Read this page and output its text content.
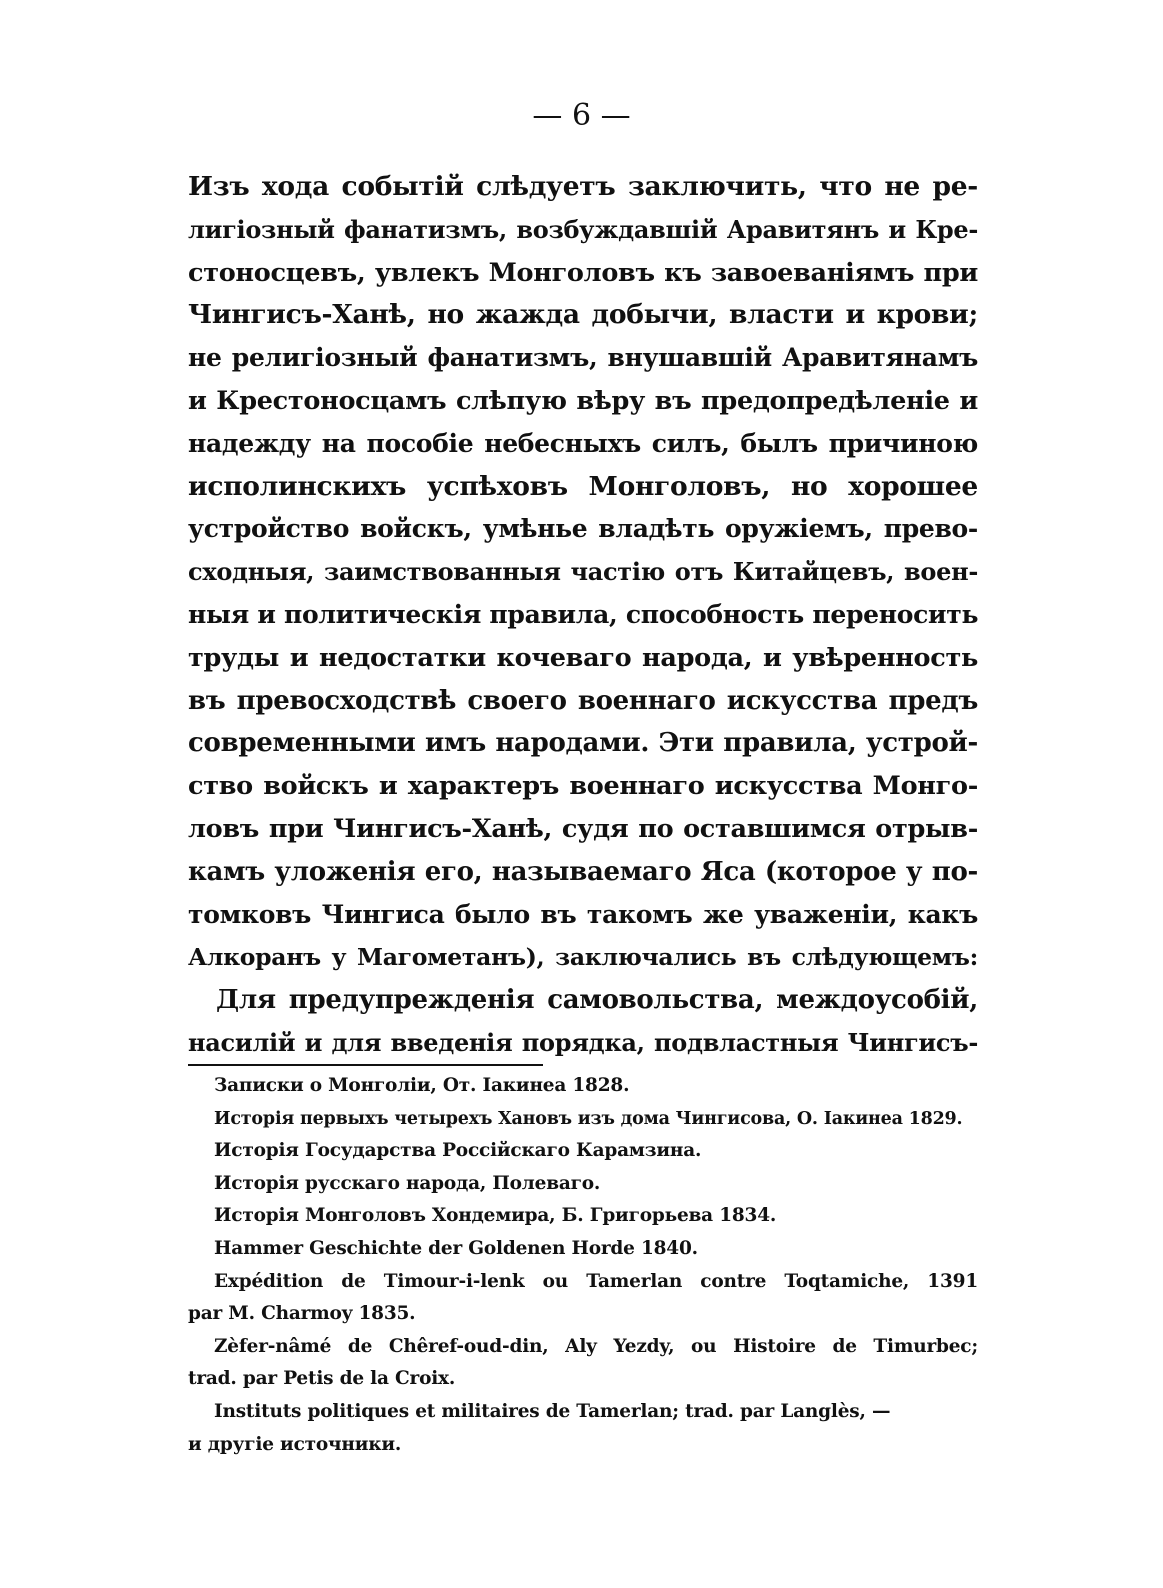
— 6 —
Изъ хода событій слѣдуетъ заключить, что не ре-
лигіозный фанатизмъ, возбуждавшій Аравитянъ и Кре-
стоносцевъ, увлекъ Монголовъ къ завоеваніямъ при
Чингисъ-Ханѣ, но жажда добычи, власти и крови;
не религіозный фанатизмъ, внушавшій Аравитянамъ
и Крестоносцамъ слѣпую вѣру въ предопредѣленіе и
надежду на пособіе небесныхъ силъ, былъ причиною
исполинскихъ успѣховъ Монголовъ, но хорошее
устройство войскъ, умѣнье владѣть оружіемъ, прево-
сходныя, заимствованныя частію отъ Китайцевъ, воен-
ныя и политическія правила, способность переносить
труды и недостатки кочеваго народа, и увѣренность
въ превосходствѣ своего военнаго искусства предъ
современными имъ народами. Эти правила, устрой-
ство войскъ и характеръ военнаго искусства Монго-
ловъ при Чингисъ-Ханѣ, судя по оставшимся отрыв-
камъ уложенія его, называемаго Яса (которое у по-
томковъ Чингиса было въ такомъ же уваженіи, какъ
Алкоранъ у Магометанъ), заключались въ слѣдующемъ:
Для предупрежденія самовольства, междоусобій,
насилій и для введенія порядка, подвластныя Чингисъ-
Записки о Монголіи, От. Іакинеа 1828.
Исторія первыхъ четырехъ Хановъ изъ дома Чингисова, О. Іакинеа 1829.
Исторія Государства Россійскаго Карамзина.
Исторія русскаго народа, Полеваго.
Исторія Монголовъ Хондемира, Б. Григорьева 1834.
Hammer Geschichte der Goldenen Horde 1840.
Expédition de Timour-i-lenk ou Tamerlan contre Toqtamiche, 1391
par M. Charmoy 1835.
Zèfer-nâmé de Chêref-oud-din, Aly Yezdy, ou Histoire de Timurbec;
trad. par Petis de la Croix.
Instituts politiques et militaires de Tamerlan; trad. par Langlès, —
и другіе источники.
